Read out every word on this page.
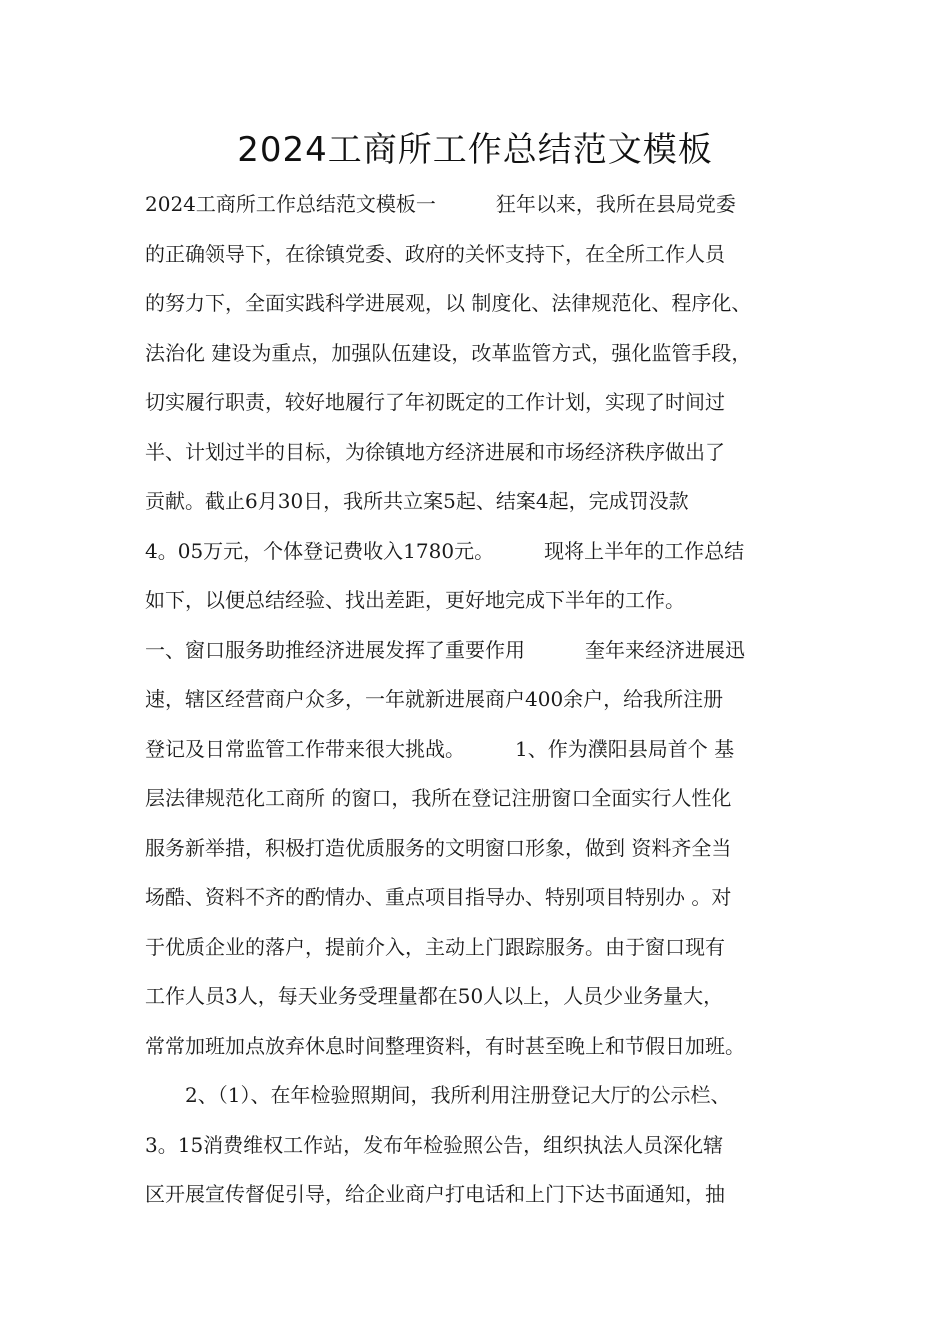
2024工商所工作总结范文模板
2024工商所工作总结范文模板一　　　狂年以来，我所在县局党委
的正确领导下，在徐镇党委、政府的关怀支持下，在全所工作人员
的努力下，全面实践科学进展观，以 制度化、法律规范化、程序化、
法治化 建设为重点，加强队伍建设，改革监管方式，强化监管手段，
切实履行职责，较好地履行了年初既定的工作计划，实现了时间过
半、计划过半的目标，为徐镇地方经济进展和市场经济秩序做出了
贡献。截止6月30日，我所共立案5起、结案4起，完成罚没款
4。05万元，个体登记费收入1780元。　　　现将上半年的工作总结
如下，以便总结经验、找出差距，更好地完成下半年的工作。
一、窗口服务助推经济进展发挥了重要作用　　　奎年来经济进展迅
速，辖区经营商户众多，一年就新进展商户400余户，给我所注册
登记及日常监管工作带来很大挑战。　　　1、作为濮阳县局首个 基
层法律规范化工商所 的窗口，我所在登记注册窗口全面实行人性化
服务新举措，积极打造优质服务的文明窗口形象，做到 资料齐全当
场酷、资料不齐的酌情办、重点项目指导办、特别项目特别办 。对
于优质企业的落户，提前介入，主动上门跟踪服务。由于窗口现有
工作人员3人，每天业务受理量都在50人以上，人员少业务量大，
常常加班加点放弃休息时间整理资料，有时甚至晚上和节假日加班。
　　2、（1）、在年检验照期间，我所利用注册登记大厅的公示栏、
3。15消费维权工作站，发布年检验照公告，组织执法人员深化辖
区开展宣传督促引导，给企业商户打电话和上门下达书面通知，抽
